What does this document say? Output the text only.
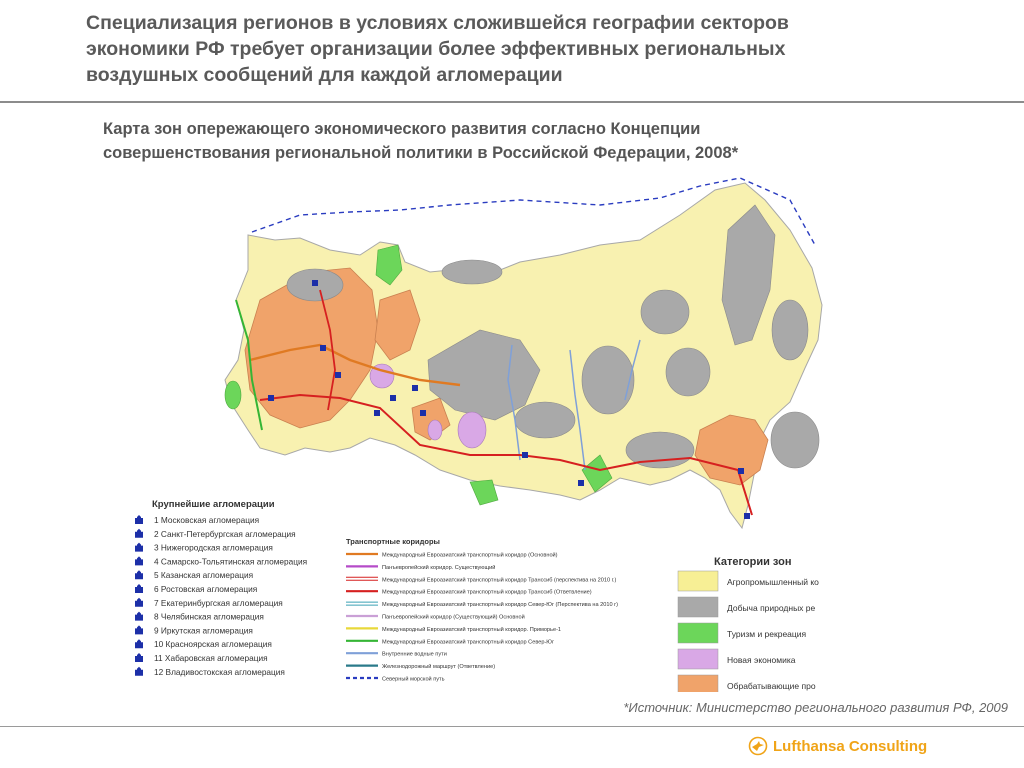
Специализация регионов в условиях сложившейся географии секторов
экономики РФ требует организации более эффективных региональных
воздушных сообщений для каждой агломерации
Карта зон опережающего экономического развития согласно Концепции
совершенствования региональной политики в Российской Федерации, 2008*
Крупнейшие агломерации
1 Московская агломерация
2 Санкт-Петербургская агломерация
3 Нижегородская агломерация
4 Самарско-Тольятинская агломерация
5 Казанская агломерация
6 Ростовская агломерация
7 Екатеринбургская агломерация
8 Челябинская агломерация
9 Иркутская агломерация
10 Красноярская агломерация
11 Хабаровская агломерация
12 Владивостокская агломерация
Транспортные коридоры
Международный Евроазиатский транспортный коридор (Основной)
Панъевропейский коридор. Существующий
Международный Евроазиатский транспортный коридор Транссиб (перспектива на 2010 г.)
Международный Евроазиатский транспортный коридор Транссиб (Ответвление)
Международный Евроазиатский транспортный коридор Север-Юг (Перспектива на 2010 г)
Панъевропейский коридор (Существующий) Основной
Международный Евроазиатский транспортный коридор. Приморье-1
Международный Евроазиатский транспортный коридор Север-Юг
Внутренние водные пути
Железнодорожный маршрут (Ответвление)
Северный морской путь
Категории зон
Агропромышленный ко
Добыча природных ре
Туризм и рекреация
Новая экономика
Обрабатывающие про
*Источник: Министерство регионального развития РФ, 2009
Lufthansa Consulting
